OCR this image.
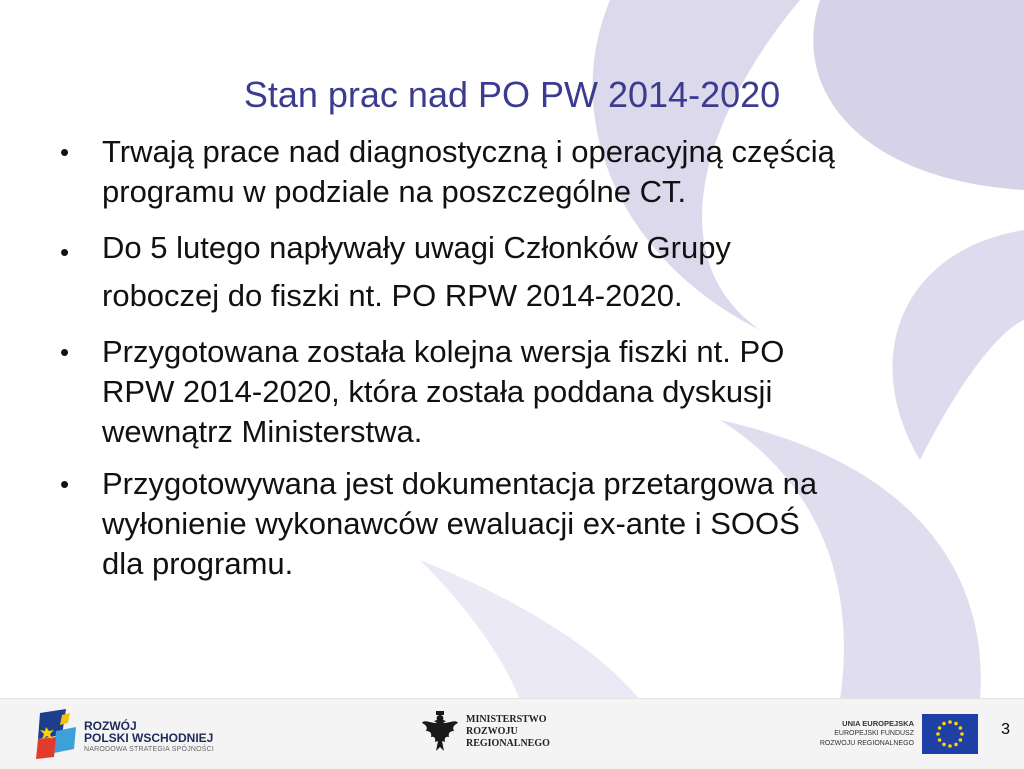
Stan prac nad PO PW 2014-2020
•	Trwają prace nad diagnostyczną i operacyjną częścią
programu w podziale na poszczególne CT.
•	Do 5 lutego napływały uwagi Członków Grupy
roboczej do fiszki nt. PO RPW 2014-2020.
•	Przygotowana została kolejna wersja fiszki nt. PO
RPW 2014-2020, która została poddana dyskusji
wewnątrz Ministerstwa.
•	Przygotowywana jest dokumentacja przetargowa na
wyłonienie wykonawców ewaluacji ex-ante i SOOŚ
dla programu.
ROZWÓJ
POLSKI WSCHODNIEJ
NARODOWA STRATEGIA SPÓJNOŚCI
MINISTERSTWO
ROZWOJU
REGIONALNEGO
UNIA EUROPEJSKA
EUROPEJSKI FUNDUSZ
ROZWOJU REGIONALNEGO
3
